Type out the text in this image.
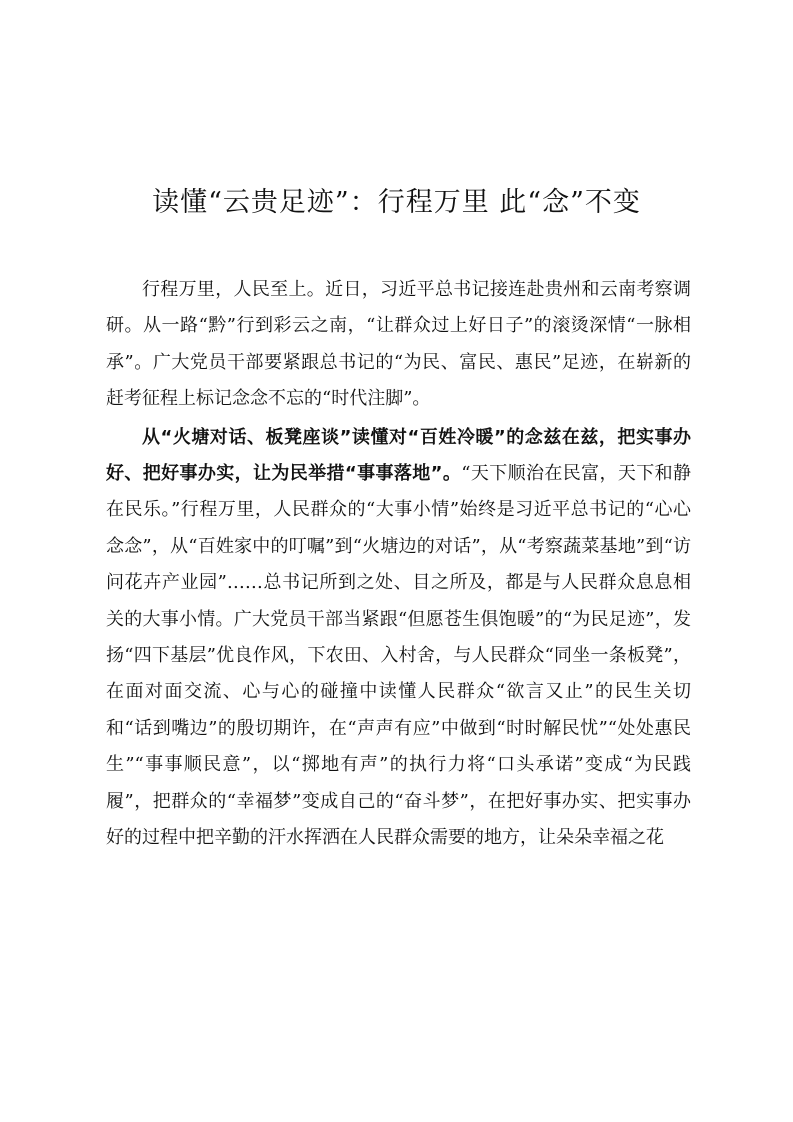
读懂“云贵足迹”：行程万里 此“念”不变

行程万里，人民至上。近日，习近平总书记接连赴贵州和云南考察调研。从一路“黔”行到彩云之南，“让群众过上好日子”的滚烫深情“一脉相承”。广大党员干部要紧跟总书记的“为民、富民、惠民”足迹，在崭新的赶考征程上标记念念不忘的“时代注脚”。

从“火塘对话、板凳座谈”读懂对“百姓冷暖”的念兹在兹，把实事办好、把好事办实，让为民举措“事事落地”。“天下顺治在民富，天下和静在民乐。”行程万里，人民群众的“大事小情”始终是习近平总书记的“心心念念”，从“百姓家中的叮嘱”到“火塘边的对话”，从“考察蔬菜基地”到“访问花卉产业园”……总书记所到之处、目之所及，都是与人民群众息息相关的大事小情。广大党员干部当紧跟“但愿苍生俱饱暖”的“为民足迹”，发扬“四下基层”优良作风，下农田、入村舍，与人民群众“同坐一条板凳”，在面对面交流、心与心的碰撞中读懂人民群众“欲言又止”的民生关切和“话到嘴边”的殷切期许，在“声声有应”中做到“时时解民忧”“处处惠民生”“事事顺民意”，以“掷地有声”的执行力将“口头承诺”变成“为民践履”，把群众的“幸福梦”变成自己的“奋斗梦”，在把好事办实、把实事办好的过程中把辛勤的汗水挥洒在人民群众需要的地方，让朵朵幸福之花
